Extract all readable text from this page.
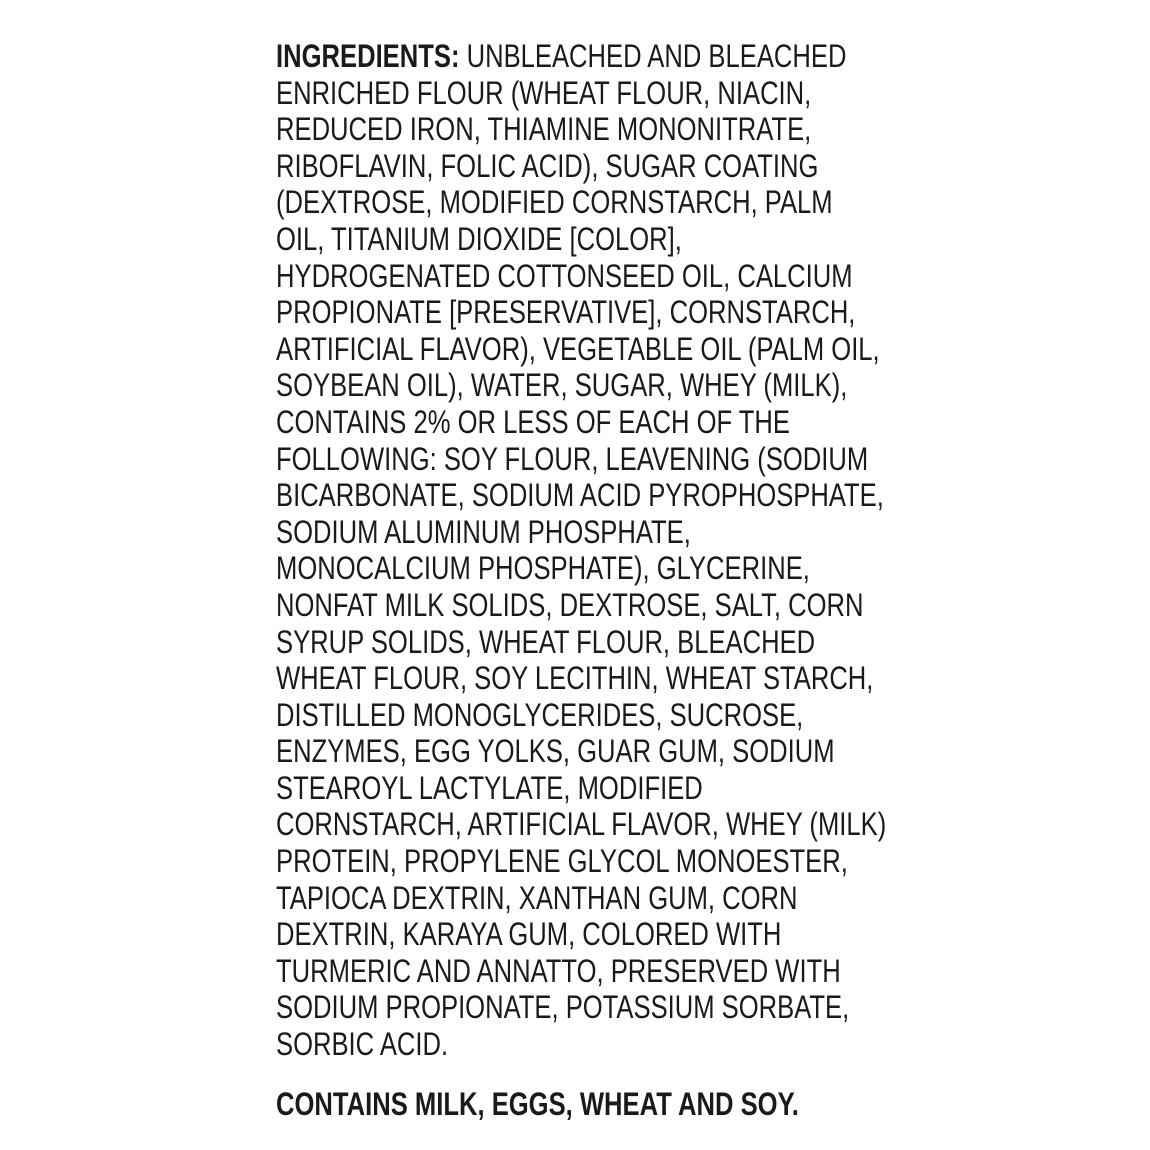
INGREDIENTS: UNBLEACHED AND BLEACHED
ENRICHED FLOUR (WHEAT FLOUR, NIACIN,
REDUCED IRON, THIAMINE MONONITRATE,
RIBOFLAVIN, FOLIC ACID), SUGAR COATING
(DEXTROSE, MODIFIED CORNSTARCH, PALM
OIL, TITANIUM DIOXIDE [COLOR],
HYDROGENATED COTTONSEED OIL, CALCIUM
PROPIONATE [PRESERVATIVE], CORNSTARCH,
ARTIFICIAL FLAVOR), VEGETABLE OIL (PALM OIL,
SOYBEAN OIL), WATER, SUGAR, WHEY (MILK),
CONTAINS 2% OR LESS OF EACH OF THE
FOLLOWING: SOY FLOUR, LEAVENING (SODIUM
BICARBONATE, SODIUM ACID PYROPHOSPHATE,
SODIUM ALUMINUM PHOSPHATE,
MONOCALCIUM PHOSPHATE), GLYCERINE,
NONFAT MILK SOLIDS, DEXTROSE, SALT, CORN
SYRUP SOLIDS, WHEAT FLOUR, BLEACHED
WHEAT FLOUR, SOY LECITHIN, WHEAT STARCH,
DISTILLED MONOGLYCERIDES, SUCROSE,
ENZYMES, EGG YOLKS, GUAR GUM, SODIUM
STEAROYL LACTYLATE, MODIFIED
CORNSTARCH, ARTIFICIAL FLAVOR, WHEY (MILK)
PROTEIN, PROPYLENE GLYCOL MONOESTER,
TAPIOCA DEXTRIN, XANTHAN GUM, CORN
DEXTRIN, KARAYA GUM, COLORED WITH
TURMERIC AND ANNATTO, PRESERVED WITH
SODIUM PROPIONATE, POTASSIUM SORBATE,
SORBIC ACID.
CONTAINS MILK, EGGS, WHEAT AND SOY.
